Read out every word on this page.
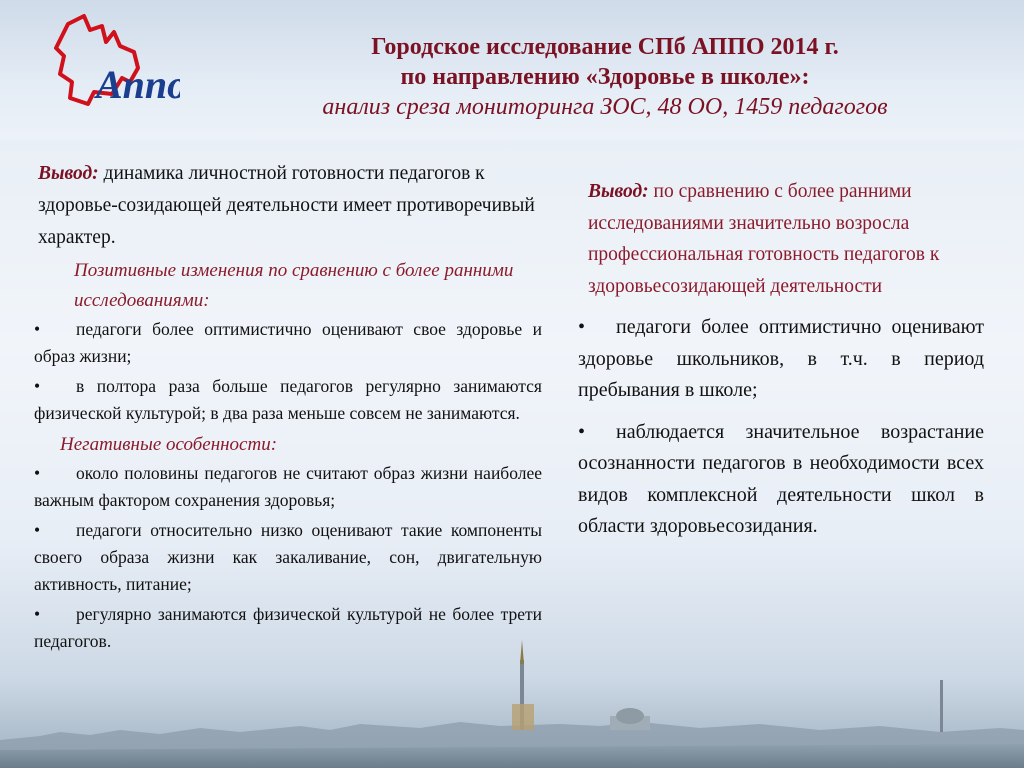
Аппо
Городское исследование СПб АППО 2014 г.
по направлению «Здоровье в школе»:
анализ среза мониторинга ЗОС, 48 ОО, 1459 педагогов

Вывод: динамика личностной готовности педагогов к здоровье-созидающей деятельности имеет противоречивый характер.

Позитивные изменения по сравнению с более ранними исследованиями:

• педагоги более оптимистично оценивают свое здоровье и образ жизни;

• в полтора раза больше педагогов регулярно занимаются физической культурой; в два раза меньше совсем не занимаются.

Негативные особенности:

• около половины педагогов не считают образ жизни наиболее важным фактором сохранения здоровья;

• педагоги относительно низко оценивают такие компоненты своего образа жизни как закаливание, сон, двигательную активность, питание;

• регулярно занимаются физической культурой не более трети педагогов.

Вывод: по сравнению с более ранними исследованиями значительно возросла профессиональная готовность педагогов к здоровьесозидающей деятельности

• педагоги более оптимистично оценивают здоровье школьников, в т.ч. в период пребывания в школе;

• наблюдается значительное возрастание осознанности педагогов в необходимости всех видов комплексной деятельности школ в области здоровьесозидания.
